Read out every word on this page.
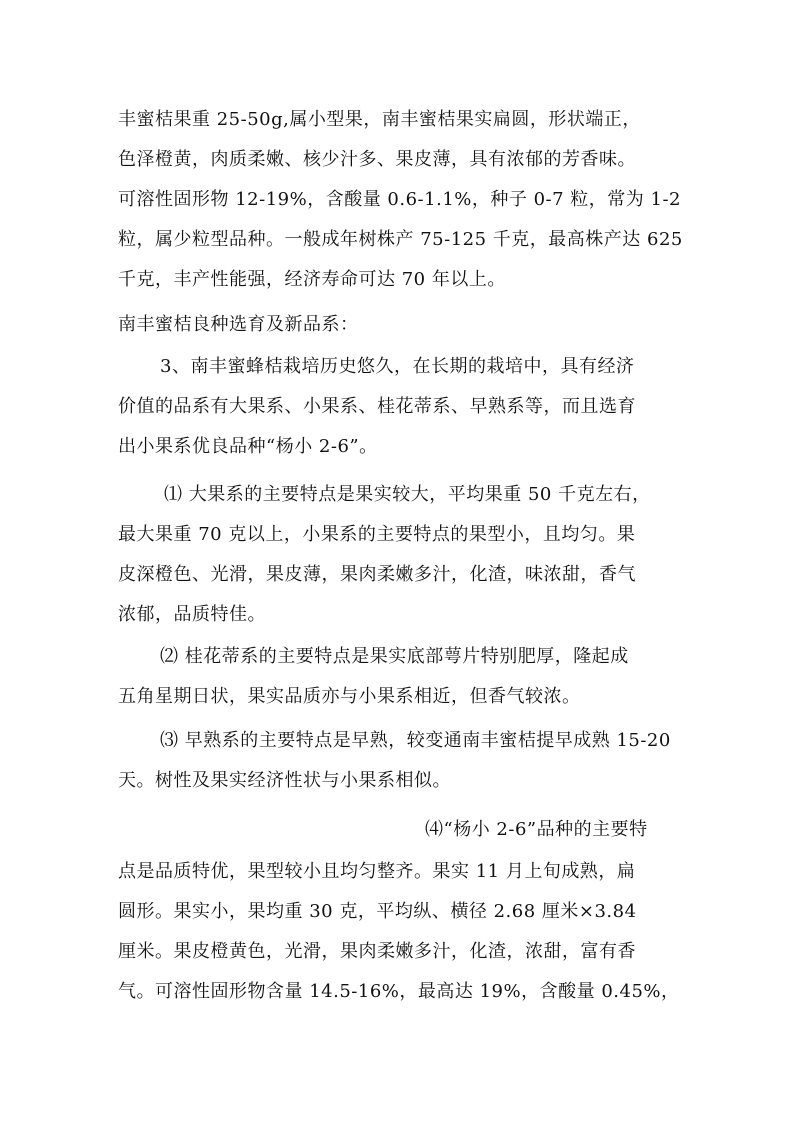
丰蜜桔果重 25-50g,属小型果，南丰蜜桔果实扁圆，形状端正，
色泽橙黄，肉质柔嫩、核少汁多、果皮薄，具有浓郁的芳香味。
可溶性固形物 12-19%，含酸量 0.6-1.1%，种子 0-7 粒，常为 1-2
粒，属少粒型品种。一般成年树株产 75-125 千克，最高株产达 625
千克，丰产性能强，经济寿命可达 70 年以上。
南丰蜜桔良种选育及新品系：
3、南丰蜜蜂桔栽培历史悠久，在长期的栽培中，具有经济
价值的品系有大果系、小果系、桂花蒂系、早熟系等，而且选育
出小果系优良品种“杨小 2-6”。
⑴ 大果系的主要特点是果实较大，平均果重 50 千克左右，
最大果重 70 克以上，小果系的主要特点的果型小，且均匀。果
皮深橙色、光滑，果皮薄，果肉柔嫩多汁，化渣，味浓甜，香气
浓郁，品质特佳。
⑵ 桂花蒂系的主要特点是果实底部萼片特别肥厚，隆起成
五角星期日状，果实品质亦与小果系相近，但香气较浓。
⑶ 早熟系的主要特点是早熟，较变通南丰蜜桔提早成熟 15-20
天。树性及果实经济性状与小果系相似。
⑷“杨小 2-6”品种的主要特
点是品质特优，果型较小且均匀整齐。果实 11 月上旬成熟，扁
圆形。果实小，果均重 30 克，平均纵、横径 2.68 厘米×3.84
厘米。果皮橙黄色，光滑，果肉柔嫩多汁，化渣，浓甜，富有香
气。可溶性固形物含量 14.5-16%，最高达 19%，含酸量 0.45%，
